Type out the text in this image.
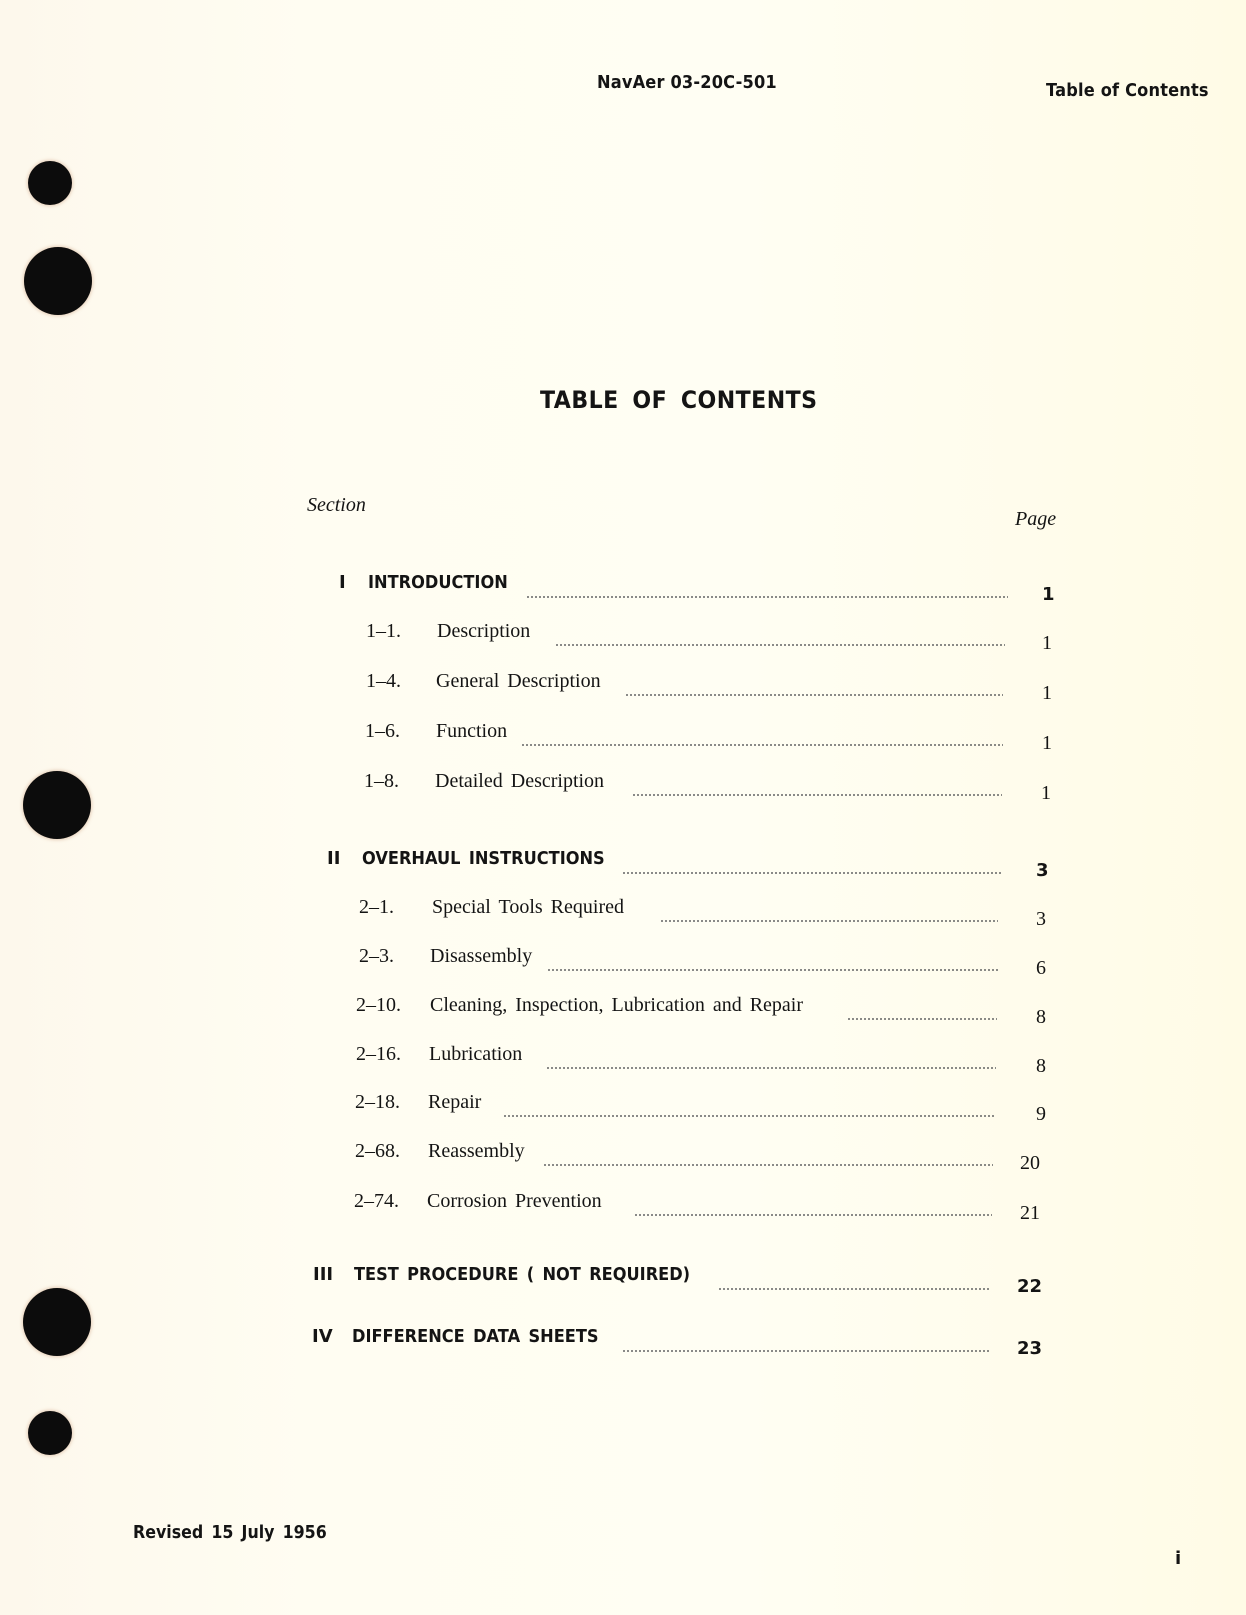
NavAer 03-20C-501	Table of Contents
TABLE OF CONTENTS
Section
Page
I INTRODUCTION
1
1–1. Description
1
1–4. General Description
1
1–6. Function
1
1–8. Detailed Description
1
II OVERHAUL INSTRUCTIONS
3
2–1. Special Tools Required
3
2–3. Disassembly
6
2–10. Cleaning, Inspection, Lubrication and Repair
8
2–16. Lubrication
8
2–18. Repair
9
2–68. Reassembly
20
2–74. Corrosion Prevention
21
III TEST PROCEDURE ( NOT REQUIRED)
22
IV DIFFERENCE DATA SHEETS
23
Revised 15 July 1956
i
